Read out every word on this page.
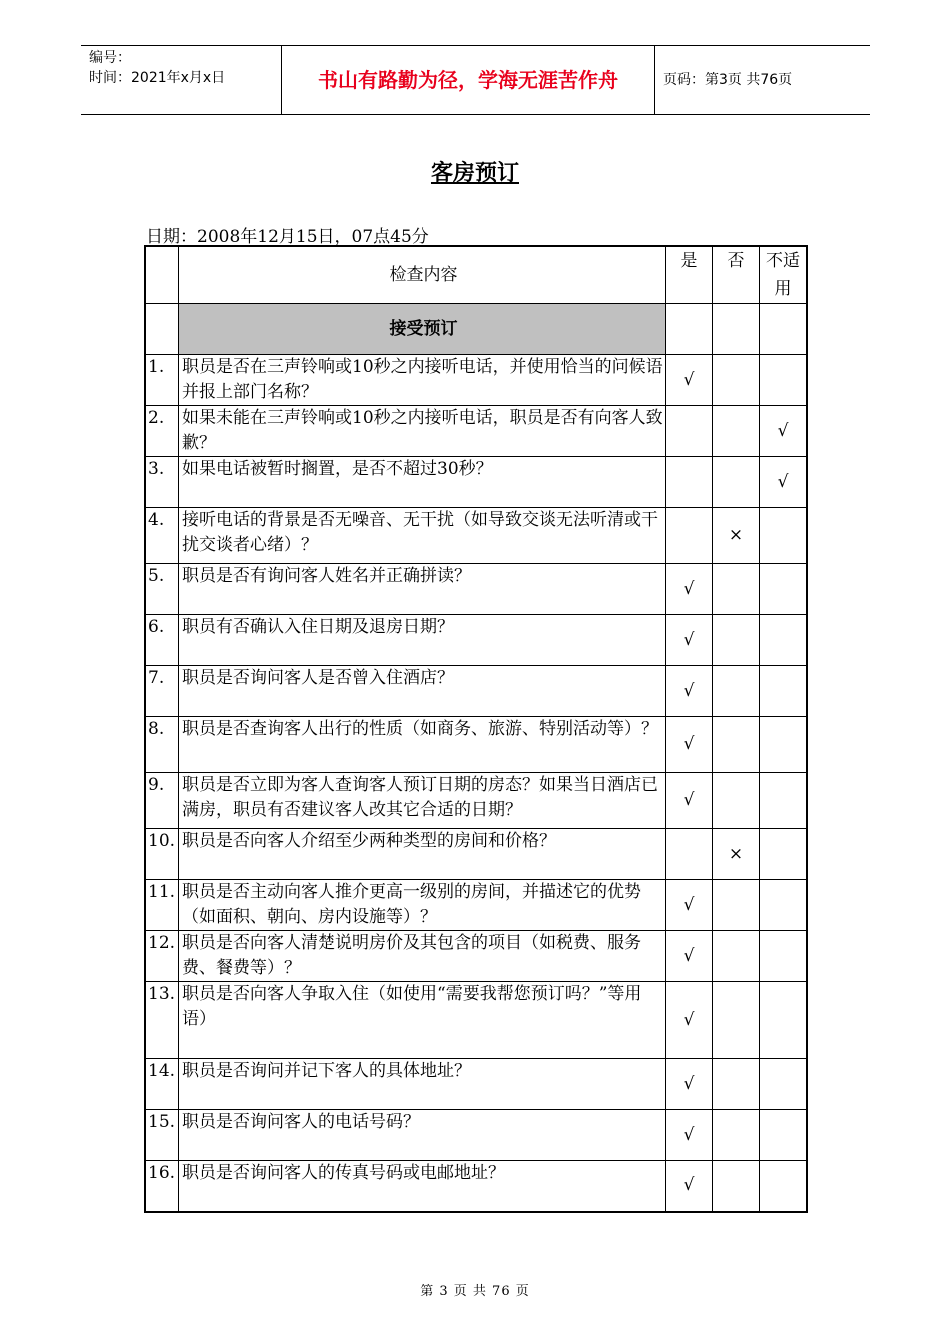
编号：
时间：2021年x月x日	书山有路勤为径，学海无涯苦作舟	页码：第3页 共76页
客房预订
日期：2008年12月15日，07点45分
	检查内容	是	否	不适用
	接受预订			
1.	职员是否在三声铃响或10秒之内接听电话，并使用恰当的问候语并报上部门名称？	√		
2.	如果未能在三声铃响或10秒之内接听电话，职员是否有向客人致歉？			√
3.	如果电话被暂时搁置，是否不超过30秒？			√
4.	接听电话的背景是否无噪音、无干扰（如导致交谈无法听清或干扰交谈者心绪）？		×	
5.	职员是否有询问客人姓名并正确拼读？	√		
6.	职员有否确认入住日期及退房日期？	√		
7.	职员是否询问客人是否曾入住酒店？	√		
8.	职员是否查询客人出行的性质（如商务、旅游、特别活动等）？	√		
9.	职员是否立即为客人查询客人预订日期的房态？如果当日酒店已满房，职员有否建议客人改其它合适的日期？	√		
10.	职员是否向客人介绍至少两种类型的房间和价格？		×	
11.	职员是否主动向客人推介更高一级别的房间，并描述它的优势（如面积、朝向、房内设施等）？	√		
12.	职员是否向客人清楚说明房价及其包含的项目（如税费、服务费、餐费等）？	√		
13.	职员是否向客人争取入住（如使用“需要我帮您预订吗？”等用语）	√		
14.	职员是否询问并记下客人的具体地址？	√		
15.	职员是否询问客人的电话号码？	√		
16.	职员是否询问客人的传真号码或电邮地址？	√		
第 3 页 共 76 页
